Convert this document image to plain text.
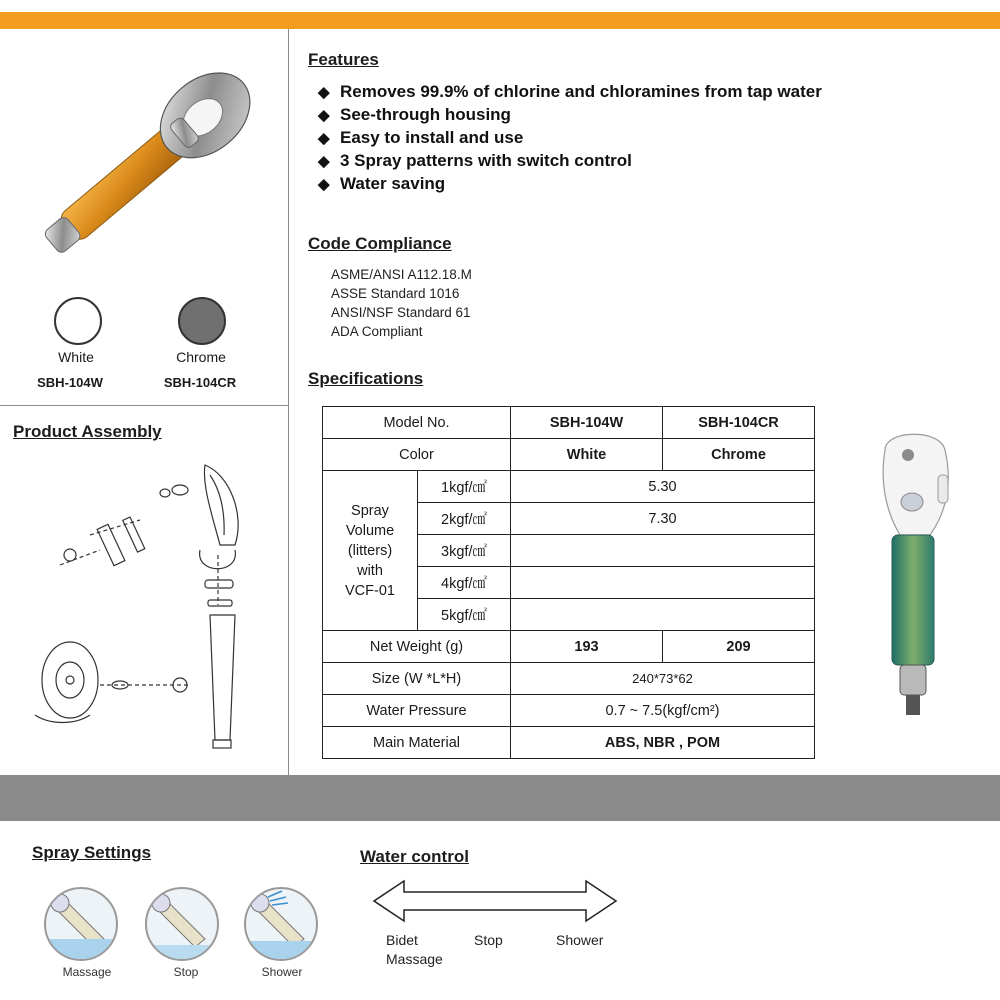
White	Chrome
SBH-104W	SBH-104CR
Product Assembly
Features
◆ Removes 99.9% of chlorine and chloramines from tap water
◆ See-through housing
◆ Easy to install and use
◆ 3 Spray patterns with switch control
◆ Water saving
Code Compliance
ASME/ANSI A112.18.M
ASSE Standard 1016
ANSI/NSF Standard 61
ADA Compliant
Specifications
Model No.		SBH-104W	SBH-104CR
Color		White	Chrome

Spray
Volume
(litters)
with
VCF-01	1kgf/㎠	5.30	
	2kgf/㎠	7.30	
	3kgf/㎠		
	4kgf/㎠		
	5kgf/㎠		
Net Weight (g)		193	209
Size (W *L*H)		240*73*62	
Water Pressure		0.7 ~ 7.5(kgf/cm²)	
Main Material		ABS, NBR , POM	
Spray Settings
Massage	Stop	Shower
Water control
Bidet
Massage
Stop	Shower
